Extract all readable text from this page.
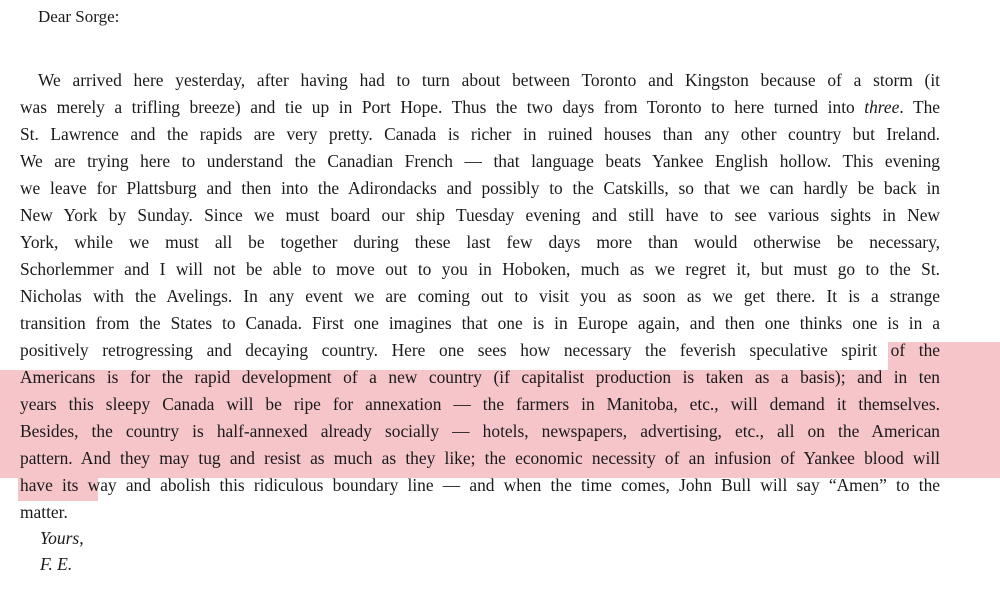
Dear Sorge:
We arrived here yesterday, after having had to turn about between Toronto and Kingston because of a storm (it
was merely a trifling breeze) and tie up in Port Hope. Thus the two days from Toronto to here turned into three. The
St. Lawrence and the rapids are very pretty. Canada is richer in ruined houses than any other country but Ireland.
We are trying here to understand the Canadian French — that language beats Yankee English hollow. This evening
we leave for Plattsburg and then into the Adirondacks and possibly to the Catskills, so that we can hardly be back in
New York by Sunday. Since we must board our ship Tuesday evening and still have to see various sights in New
York, while we must all be together during these last few days more than would otherwise be necessary,
Schorlemmer and I will not be able to move out to you in Hoboken, much as we regret it, but must go to the St.
Nicholas with the Avelings. In any event we are coming out to visit you as soon as we get there. It is a strange
transition from the States to Canada. First one imagines that one is in Europe again, and then one thinks one is in a
positively retrogressing and decaying country. Here one sees how necessary the feverish speculative spirit of the
Americans is for the rapid development of a new country (if capitalist production is taken as a basis); and in ten
years this sleepy Canada will be ripe for annexation — the farmers in Manitoba, etc., will demand it themselves.
Besides, the country is half-annexed already socially — hotels, newspapers, advertising, etc., all on the American
pattern. And they may tug and resist as much as they like; the economic necessity of an infusion of Yankee blood will
have its way and abolish this ridiculous boundary line — and when the time comes, John Bull will say “Amen” to the
matter.
Yours,
F. E.
